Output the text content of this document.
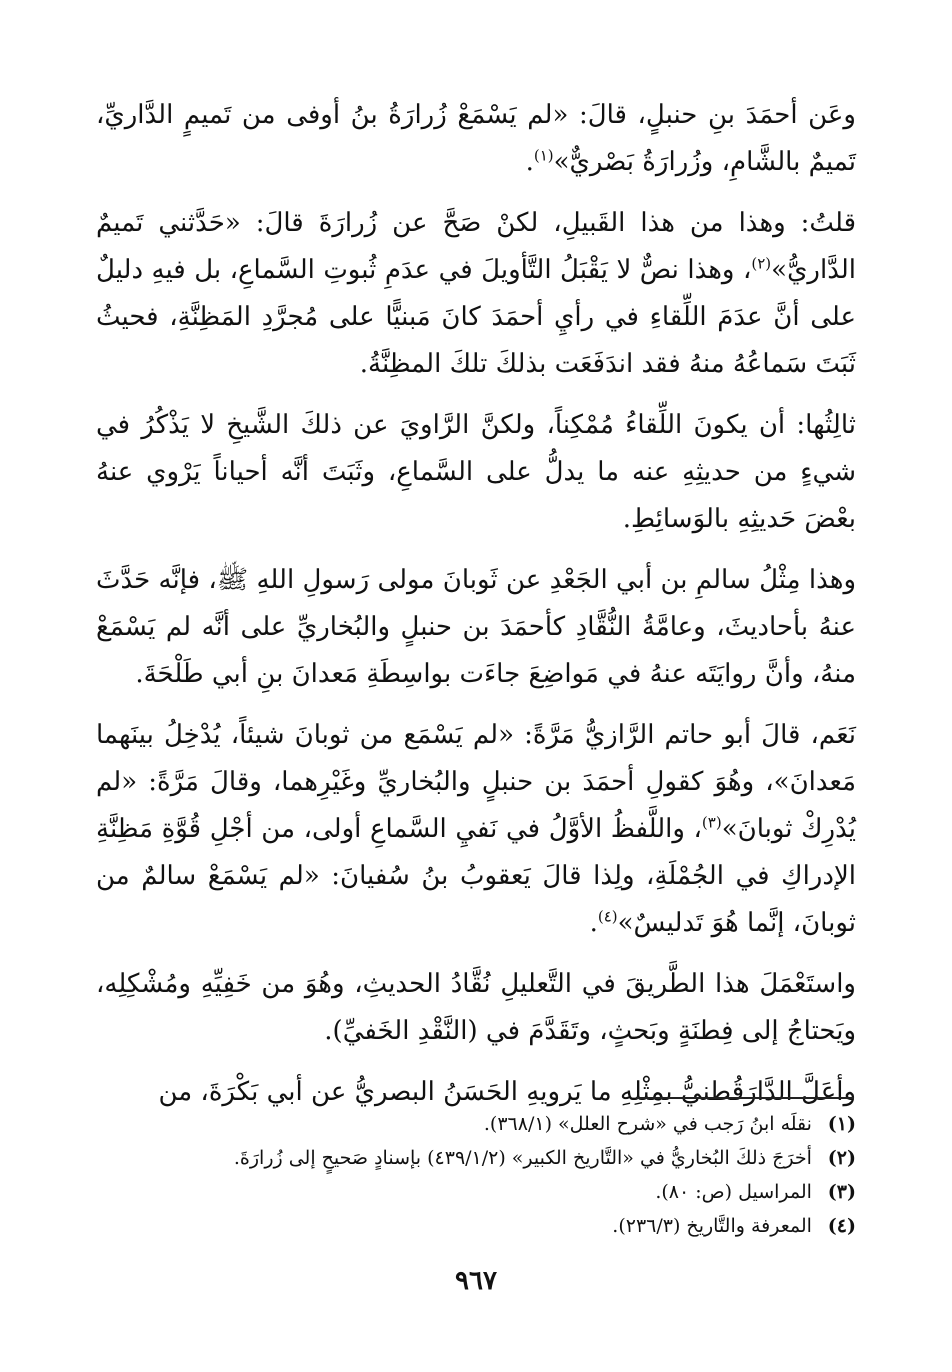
وعَن أحمَدَ بنِ حنبلٍ، قالَ: «لم يَسْمَعْ زُرارَةُ بنُ أوفى من تَميمٍ الدَّاريِّ، تَميمٌ بالشَّامِ، وزُرارَةُ بَصْريٌّ»$^{(١)}$.

قلتُ: وهذا من هذا القَبيلِ، لكنْ صَحَّ عن زُرارَةَ قالَ: «حَدَّثني تَميمٌ الدَّاريُّ»$^{(٢)}$، وهذا نصٌّ لا يَقْبَلُ التَّأويلَ في عدَمِ ثُبوتِ السَّماعِ، بل فيهِ دليلٌ على أنَّ عدَمَ اللِّقاءِ في رأيِ أحمَدَ كانَ مَبنيًّا على مُجرَّدِ المَظِنَّةِ، فحيثُ ثَبَتَ سَماعُهُ منهُ فقد اندَفَعَت بذلكَ تلكَ المظِنَّةُ.

ثالِثُها: أن يكونَ اللِّقاءُ مُمْكِناً، ولكنَّ الرَّاويَ عن ذلكَ الشَّيخِ لا يَذْكُرُ في شيءٍ من حديثِهِ عنه ما يدلُّ على السَّماعِ، وثَبَتَ أنَّه أحياناً يَرْوي عنهُ بعْضَ حَديثِهِ بالوَسائِطِ.

وهذا مِثْلُ سالمِ بن أبي الجَعْدِ عن ثَوبانَ مولى رَسولِ اللهِ ﷺ، فإنَّه حَدَّثَ عنهُ بأحاديثَ، وعامَّةُ النُّقَّادِ كأحمَدَ بن حنبلٍ والبُخاريِّ على أنَّه لم يَسْمَعْ منهُ، وأنَّ روايَتَه عنهُ في مَواضِعَ جاءَت بواسِطَةِ مَعدانَ بنِ أبي طَلْحَةَ.

نَعَم، قالَ أبو حاتم الرَّازيُّ مَرَّةً: «لم يَسْمَع من ثوبانَ شيئاً، يُدْخِلُ بينَهما مَعدانَ»، وهُوَ كقولِ أحمَدَ بن حنبلٍ والبُخاريِّ وغَيْرِهما، وقالَ مَرَّةً: «لم يُدْرِكْ ثوبانَ»$^{(٣)}$، واللَّفظُ الأوَّلُ في نَفيِ السَّماعِ أولى، من أجْلِ قُوَّةِ مَظِنَّةِ الإدراكِ في الجُمْلَةِ، ولِذا قالَ يَعقوبُ بنُ سُفيانَ: «لم يَسْمَعْ سالمٌ من ثوبانَ، إنَّما هُوَ تَدليسٌ»$^{(٤)}$.

واستَعْمَلَ هذا الطَّريقَ في التَّعليلِ نُقَّادُ الحديثِ، وهُوَ من خَفِيِّهِ ومُشْكِلِه، ويَحتاجُ إلى فِطنَةٍ وبَحثٍ، وتَقَدَّمَ في (النَّقْدِ الخَفيِّ).

وأعَلَّ الدَّارَقُطنيُّ بمِثْلِهِ ما يَرويهِ الحَسَنُ البصريُّ عن أبي بَكْرَةَ، من

(١) نقلَه ابنُ رَجب في «شرح العلل» (٣٦٨/١).
(٢) أخرَجَ ذلكَ البُخاريُّ في «التَّاريخ الكبير» (٤٣٩/١/٢) بإسنادٍ صَحيحٍ إلى زُرارَةَ.
(٣) المراسيل (ص: ٨٠).
(٤) المعرفة والتَّاريخ (٢٣٦/٣).
٩٦٧
